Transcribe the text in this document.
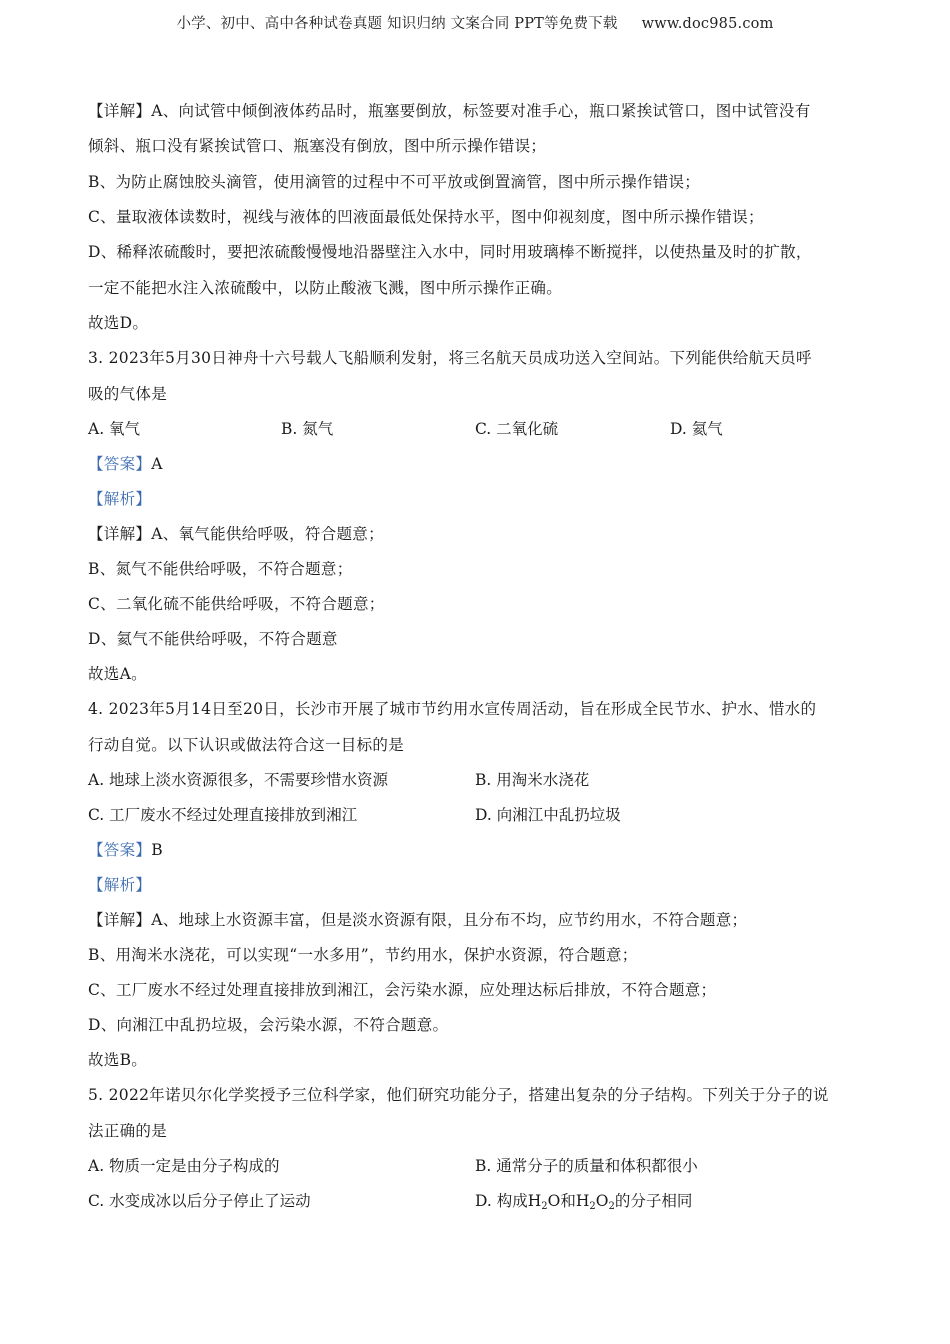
小学、初中、高中各种试卷真题 知识归纳 文案合同 PPT等免费下载 www.doc985.com
【详解】A、向试管中倾倒液体药品时，瓶塞要倒放，标签要对准手心，瓶口紧挨试管口，图中试管没有
倾斜、瓶口没有紧挨试管口、瓶塞没有倒放，图中所示操作错误；
B、为防止腐蚀胶头滴管，使用滴管的过程中不可平放或倒置滴管，图中所示操作错误；
C、量取液体读数时，视线与液体的凹液面最低处保持水平，图中仰视刻度，图中所示操作错误；
D、稀释浓硫酸时，要把浓硫酸慢慢地沿器壁注入水中，同时用玻璃棒不断搅拌，以使热量及时的扩散，
一定不能把水注入浓硫酸中，以防止酸液飞溅，图中所示操作正确。
故选D。
3. 2023年5月30日神舟十六号载人飞船顺利发射，将三名航天员成功送入空间站。下列能供给航天员呼
吸的气体是
A. 氧气	B. 氮气	C. 二氧化硫	D. 氦气
【答案】A
【解析】
【详解】A、氧气能供给呼吸，符合题意；
B、氮气不能供给呼吸，不符合题意；
C、二氧化硫不能供给呼吸，不符合题意；
D、氦气不能供给呼吸，不符合题意
故选A。
4. 2023年5月14日至20日，长沙市开展了城市节约用水宣传周活动，旨在形成全民节水、护水、惜水的
行动自觉。以下认识或做法符合这一目标的是
A. 地球上淡水资源很多，不需要珍惜水资源	B. 用淘米水浇花
C. 工厂废水不经过处理直接排放到湘江	D. 向湘江中乱扔垃圾
【答案】B
【解析】
【详解】A、地球上水资源丰富，但是淡水资源有限，且分布不均，应节约用水，不符合题意；
B、用淘米水浇花，可以实现“一水多用”，节约用水，保护水资源，符合题意；
C、工厂废水不经过处理直接排放到湘江，会污染水源，应处理达标后排放，不符合题意；
D、向湘江中乱扔垃圾，会污染水源，不符合题意。
故选B。
5. 2022年诺贝尔化学奖授予三位科学家，他们研究功能分子，搭建出复杂的分子结构。下列关于分子的说
法正确的是
A. 物质一定是由分子构成的	B. 通常分子的质量和体积都很小
C. 水变成冰以后分子停止了运动	D. 构成$H_2O$和$H_2O_2$的分子相同
